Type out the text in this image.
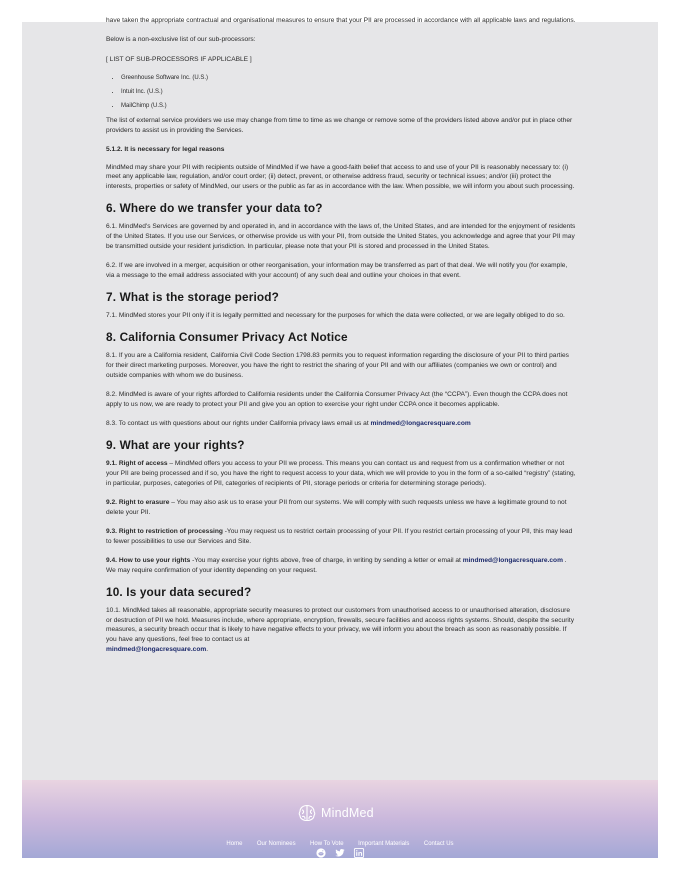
have taken the appropriate contractual and organisational measures to ensure that your PII are processed in accordance with all applicable laws and regulations.

Below is a non-exclusive list of our sub-processors:

[ LIST OF SUB-PROCESSORS IF APPLICABLE ]

• Greenhouse Software Inc. (U.S.)
• Intuit Inc. (U.S.)
• MailChimp (U.S.)

The list of external service providers we use may change from time to time as we change or remove some of the providers listed above and/or put in place other providers to assist us in providing the Services.

5.1.2. It is necessary for legal reasons

MindMed may share your PII with recipients outside of MindMed if we have a good-faith belief that access to and use of your PII is reasonably necessary to: (i) meet any applicable law, regulation, and/or court order; (ii) detect, prevent, or otherwise address fraud, security or technical issues; and/or (iii) protect the interests, properties or safety of MindMed, our users or the public as far as in accordance with the law. When possible, we will inform you about such processing.

6. Where do we transfer your data to?

6.1. MindMed's Services are governed by and operated in, and in accordance with the laws of, the United States, and are intended for the enjoyment of residents of the United States. If you use our Services, or otherwise provide us with your PII, from outside the United States, you acknowledge and agree that your PII may be transmitted outside your resident jurisdiction. In particular, please note that your PII is stored and processed in the United States.

6.2. If we are involved in a merger, acquisition or other reorganisation, your information may be transferred as part of that deal. We will notify you (for example, via a message to the email address associated with your account) of any such deal and outline your choices in that event.

7. What is the storage period?

7.1. MindMed stores your PII only if it is legally permitted and necessary for the purposes for which the data were collected, or we are legally obliged to do so.

8. California Consumer Privacy Act Notice

8.1. If you are a California resident, California Civil Code Section 1798.83 permits you to request information regarding the disclosure of your PII to third parties for their direct marketing purposes. Moreover, you have the right to restrict the sharing of your PII and with our affiliates (companies we own or control) and outside companies with whom we do business.

8.2. MindMed is aware of your rights afforded to California residents under the California Consumer Privacy Act (the “CCPA”). Even though the CCPA does not apply to us now, we are ready to protect your PII and give you an option to exercise your right under CCPA once it becomes applicable.

8.3. To contact us with questions about our rights under California privacy laws email us at mindmed@longacresquare.com

9. What are your rights?

9.1. Right of access – MindMed offers you access to your PII we process. This means you can contact us and request from us a confirmation whether or not your PII are being processed and if so, you have the right to request access to your data, which we will provide to you in the form of a so-called “registry” (stating, in particular, purposes, categories of PII, categories of recipients of PII, storage periods or criteria for determining storage periods).

9.2. Right to erasure – You may also ask us to erase your PII from our systems. We will comply with such requests unless we have a legitimate ground to not delete your PII.

9.3. Right to restriction of processing -You may request us to restrict certain processing of your PII. If you restrict certain processing of your PII, this may lead to fewer possibilities to use our Services and Site.

9.4. How to use your rights -You may exercise your rights above, free of charge, in writing by sending a letter or email at mindmed@longacresquare.com . We may require confirmation of your identity depending on your request.

10. Is your data secured?

10.1. MindMed takes all reasonable, appropriate security measures to protect our customers from unauthorised access to or unauthorised alteration, disclosure or destruction of PII we hold. Measures include, where appropriate, encryption, firewalls, secure facilities and access rights systems. Should, despite the security measures, a security breach occur that is likely to have negative effects to your privacy, we will inform you about the breach as soon as reasonably possible. If you have any questions, feel free to contact us at
mindmed@longacresquare.com.

MindMed
Home Our Nominees How To Vote Important Materials Contact Us
